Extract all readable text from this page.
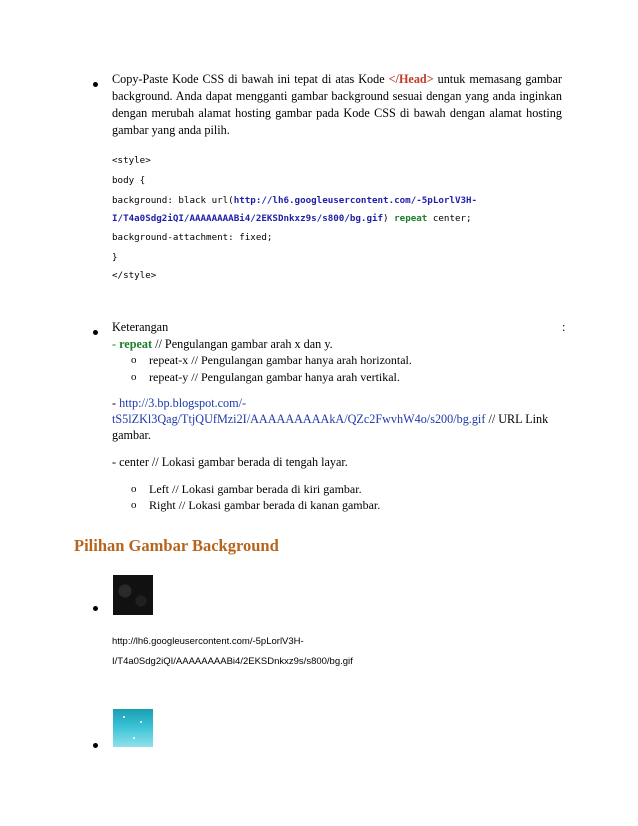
Copy-Paste Kode CSS di bawah ini tepat di atas Kode </Head> untuk memasang gambar background. Anda dapat mengganti gambar background sesuai dengan yang anda inginkan dengan merubah alamat hosting gambar pada Kode CSS di bawah dengan alamat hosting gambar yang anda pilih.
<style>
body {
background: black url(http://lh6.googleusercontent.com/-5pLorlV3H-
I/T4a0Sdg2iQI/AAAAAAAABi4/2EKSDnkxz9s/s800/bg.gif) repeat center;
background-attachment: fixed;
}
</style>
Keterangan	:
- repeat // Pengulangan gambar arah x dan y.
o repeat-x // Pengulangan gambar hanya arah horizontal.
o repeat-y // Pengulangan gambar hanya arah vertikal.
- http://3.bp.blogspot.com/-
tS5lZKl3Qag/TtjQUfMzi2I/AAAAAAAAAkA/QZc2FwvhW4o/s200/bg.gif // URL Link
gambar.
- center // Lokasi gambar berada di tengah layar.
o Left // Lokasi gambar berada di kiri gambar.
o Right // Lokasi gambar berada di kanan gambar.
Pilihan Gambar Background
http://lh6.googleusercontent.com/-5pLorlV3H-
I/T4a0Sdg2iQI/AAAAAAAABi4/2EKSDnkxz9s/s800/bg.gif
